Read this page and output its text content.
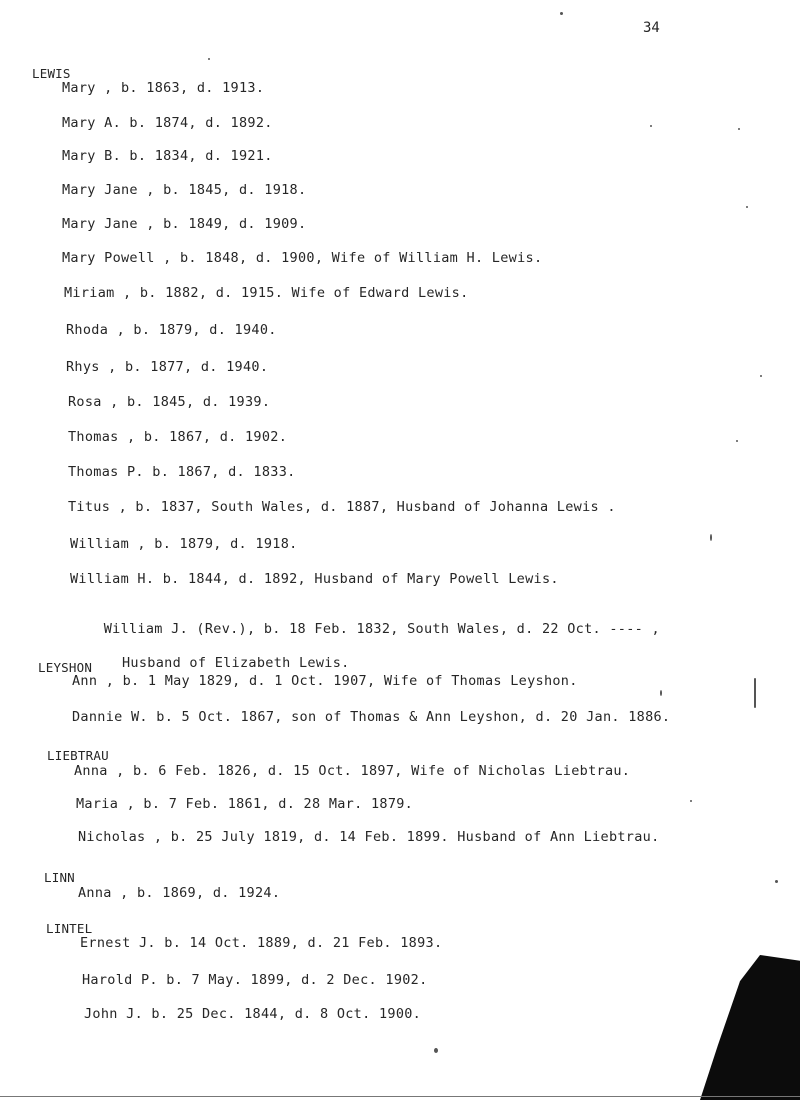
34
LEWIS
Mary , b. 1863, d. 1913.
Mary A. b. 1874, d. 1892.
Mary B. b. 1834, d. 1921.
Mary Jane , b. 1845, d. 1918.
Mary Jane , b. 1849, d. 1909.
Mary Powell , b. 1848, d. 1900, Wife of William H. Lewis.
Miriam , b. 1882, d. 1915. Wife of Edward Lewis.
Rhoda , b. 1879, d. 1940.
Rhys , b. 1877, d. 1940.
Rosa , b. 1845, d. 1939.
Thomas , b. 1867, d. 1902.
Thomas P. b. 1867, d. 1833.
Titus , b. 1837, South Wales, d. 1887, Husband of Johanna Lewis .
William , b. 1879, d. 1918.
William H. b. 1844, d. 1892, Husband of Mary Powell Lewis.

William J. (Rev.), b. 18 Feb. 1832, South Wales, d. 22 Oct. ---- ,

Husband of Elizabeth Lewis.

LEYSHON
Ann , b. 1 May 1829, d. 1 Oct. 1907, Wife of Thomas Leyshon.
Dannie W. b. 5 Oct. 1867, son of Thomas & Ann Leyshon, d. 20 Jan. 1886.
LIEBTRAU
Anna , b. 6 Feb. 1826, d. 15 Oct. 1897, Wife of Nicholas Liebtrau.
Maria , b. 7 Feb. 1861, d. 28 Mar. 1879.
Nicholas , b. 25 July 1819, d. 14 Feb. 1899. Husband of Ann Liebtrau.
LINN
Anna , b. 1869, d. 1924.
LINTEL
Ernest J. b. 14 Oct. 1889, d. 21 Feb. 1893.
Harold P. b. 7 May. 1899, d. 2 Dec. 1902.
John J. b. 25 Dec. 1844, d. 8 Oct. 1900.
